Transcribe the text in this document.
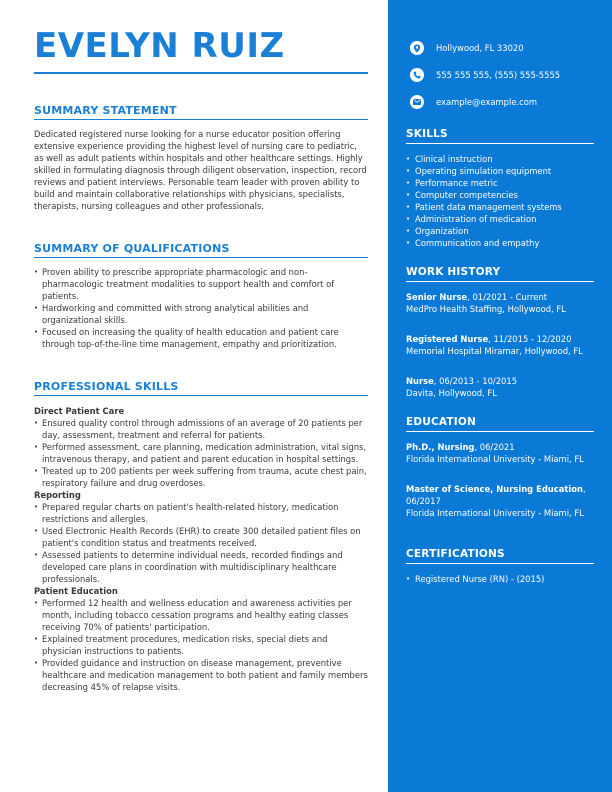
EVELYN RUIZ
SUMMARY STATEMENT
Dedicated registered nurse looking for a nurse educator position offering extensive experience providing the highest level of nursing care to pediatric, as well as adult patients within hospitals and other healthcare settings. Highly skilled in formulating diagnosis through diligent observation, inspection, record reviews and patient interviews. Personable team leader with proven ability to build and maintain collaborative relationships with physicians, specialists, therapists, nursing colleagues and other professionals.
SUMMARY OF QUALIFICATIONS
• Proven ability to prescribe appropriate pharmacologic and non-pharmacologic treatment modalities to support health and comfort of patients.
• Hardworking and committed with strong analytical abilities and organizational skills.
• Focused on increasing the quality of health education and patient care through top-of-the-line time management, empathy and prioritization.
PROFESSIONAL SKILLS
Direct Patient Care
• Ensured quality control through admissions of an average of 20 patients per day, assessment, treatment and referral for patients.
• Performed assessment, care planning, medication administration, vital signs, intravenous therapy, and patient and parent education in hospital settings.
• Treated up to 200 patients per week suffering from trauma, acute chest pain, respiratory failure and drug overdoses.
Reporting
• Prepared regular charts on patient's health-related history, medication restrictions and allergies.
• Used Electronic Health Records (EHR) to create 300 detailed patient files on patient's condition status and treatments received.
• Assessed patients to determine individual needs, recorded findings and developed care plans in coordination with multidisciplinary healthcare professionals.
Patient Education
• Performed 12 health and wellness education and awareness activities per month, including tobacco cessation programs and healthy eating classes receiving 70% of patients' participation.
• Explained treatment procedures, medication risks, special diets and physician instructions to patients.
• Provided guidance and instruction on disease management, preventive healthcare and medication management to both patient and family members decreasing 45% of relapse visits.
Hollywood, FL 33020
555 555 555, (555) 555-5555
example@example.com
SKILLS
• Clinical instruction
• Operating simulation equipment
• Performance metric
• Computer competencies
• Patient data management systems
• Administration of medication
• Organization
• Communication and empathy
WORK HISTORY
Senior Nurse, 01/2021 - Current
MedPro Health Staffing, Hollywood, FL
Registered Nurse, 11/2015 - 12/2020
Memorial Hospital Miramar, Hollywood, FL
Nurse, 06/2013 - 10/2015
Davita, Hollywood, FL
EDUCATION
Ph.D., Nursing, 06/2021
Florida International University - Miami, FL
Master of Science, Nursing Education, 06/2017
Florida International University - Miami, FL
CERTIFICATIONS
• Registered Nurse (RN) - (2015)
